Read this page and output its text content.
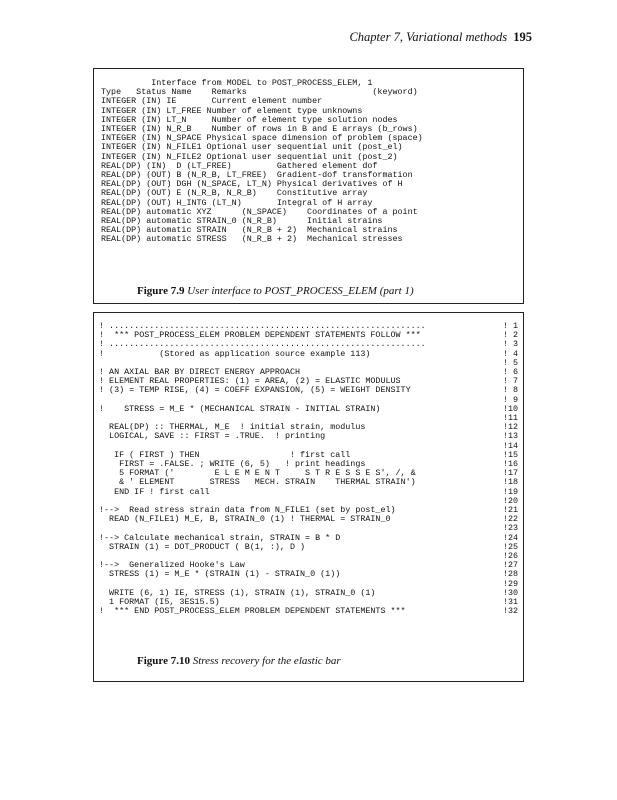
Chapter 7, Variational methods 195
Interface from MODEL to POST_PROCESS_ELEM, 1
Type   Status Name    Remarks                         (keyword)
INTEGER (IN) IE       Current element number
INTEGER (IN) LT_FREE Number of element type unknowns
INTEGER (IN) LT_N     Number of element type solution nodes
INTEGER (IN) N_R_B    Number of rows in B and E arrays (b_rows)
INTEGER (IN) N_SPACE Physical space dimension of problem (space)
INTEGER (IN) N_FILE1 Optional user sequential unit (post_el)
INTEGER (IN) N_FILE2 Optional user sequential unit (post_2)
REAL(DP) (IN)  D (LT_FREE)         Gathered element dof
REAL(DP) (OUT) B (N_R_B, LT_FREE)  Gradient-dof transformation
REAL(DP) (OUT) DGH (N_SPACE, LT_N) Physical derivatives of H
REAL(DP) (OUT) E (N_R_B, N_R_B)    Constitutive array
REAL(DP) (OUT) H_INTG (LT_N)       Integral of H array
REAL(DP) automatic XYZ      (N_SPACE)    Coordinates of a point
REAL(DP) automatic STRAIN_0 (N_R_B)      Initial strains
REAL(DP) automatic STRAIN   (N_R_B + 2)  Mechanical strains
REAL(DP) automatic STRESS   (N_R_B + 2)  Mechanical stresses
Figure 7.9 User interface to POST_PROCESS_ELEM (part 1)
! ...............................................................
!  *** POST_PROCESS_ELEM PROBLEM DEPENDENT STATEMENTS FOLLOW ***
! ...............................................................
!           (Stored as application source example 113)

! AN AXIAL BAR BY DIRECT ENERGY APPROACH
! ELEMENT REAL PROPERTIES: (1) = AREA, (2) = ELASTIC MODULUS
! (3) = TEMP RISE, (4) = COEFF EXPANSION, (5) = WEIGHT DENSITY

!    STRESS = M_E * (MECHANICAL STRAIN - INITIAL STRAIN)

REAL(DP) :: THERMAL, M_E  ! initial strain, modulus
LOGICAL, SAVE :: FIRST = .TRUE.  ! printing

IF ( FIRST ) THEN                  ! first call
FIRST = .FALSE. ; WRITE (6, 5)   ! print headings
5 FORMAT ('        E L E M E N T     S T R E S S E S', /, &
& ' ELEMENT       STRESS   MECH. STRAIN    THERMAL STRAIN')
END IF ! first call

!-->  Read stress strain data from N_FILE1 (set by post_el)
READ (N_FILE1) M_E, B, STRAIN_0 (1) ! THERMAL = STRAIN_0

!--> Calculate mechanical strain, STRAIN = B * D
STRAIN (1) = DOT_PRODUCT ( B(1, :), D )

!-->  Generalized Hooke's Law
STRESS (1) = M_E * (STRAIN (1) - STRAIN_0 (1))

WRITE (6, 1) IE, STRESS (1), STRAIN (1), STRAIN_0 (1)
1 FORMAT (I5, 3ES15.5)
!  *** END POST_PROCESS_ELEM PROBLEM DEPENDENT STATEMENTS ***
! 1
! 2
! 3
! 4
! 5
! 6
! 7
! 8
! 9
!10
!11
!12
!13
!14
!15
!16
!17
!18
!19
!20
!21
!22
!23
!24
!25
!26
!27
!28
!29
!30
!31
!32
Figure 7.10 Stress recovery for the elastic bar
